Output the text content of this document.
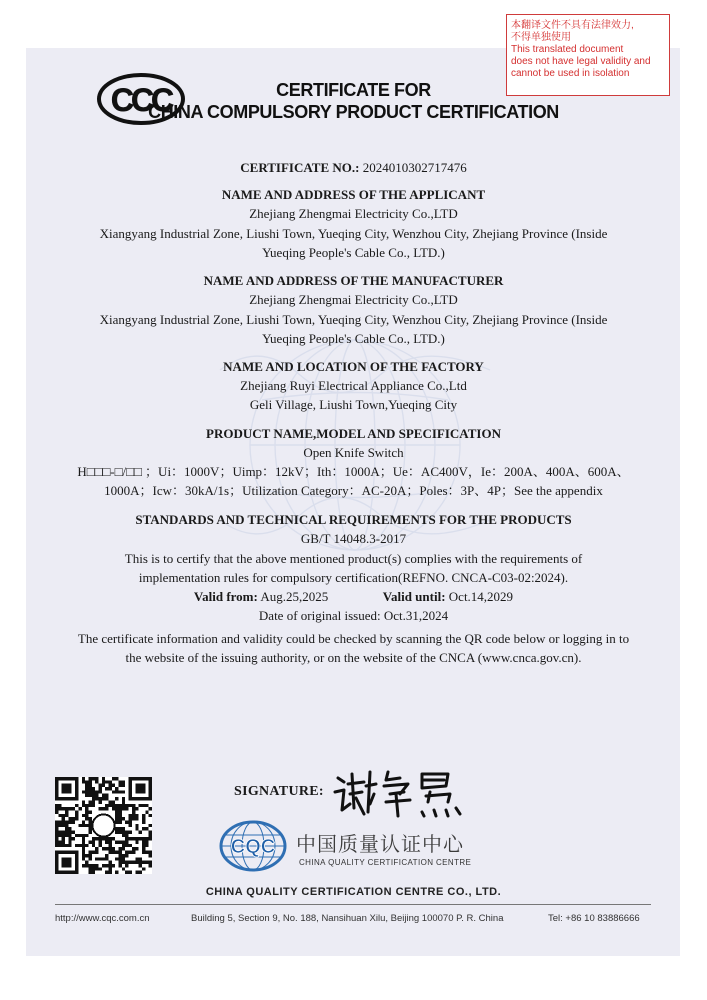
本翻译文件不具有法律效力,
不得单独使用
This translated document
does not have legal validity and
cannot be used in isolation
CCC	CERTIFICATE FOR
CHINA COMPULSORY PRODUCT CERTIFICATION
CERTIFICATE NO.: 2024010302717476
NAME AND ADDRESS OF THE APPLICANT
Zhejiang Zhengmai Electricity Co.,LTD
Xiangyang Industrial Zone, Liushi Town, Yueqing City, Wenzhou City, Zhejiang Province (Inside
Yueqing People's Cable Co., LTD.)
NAME AND ADDRESS OF THE MANUFACTURER
Zhejiang Zhengmai Electricity Co.,LTD
Xiangyang Industrial Zone, Liushi Town, Yueqing City, Wenzhou City, Zhejiang Province (Inside
Yueqing People's Cable Co., LTD.)
NAME AND LOCATION OF THE FACTORY
Zhejiang Ruyi Electrical Appliance Co.,Ltd
Geli Village, Liushi Town,Yueqing City
PRODUCT NAME,MODEL AND SPECIFICATION
Open Knife Switch
H□□□-□/□□ ；Ui：1000V；Uimp：12kV；Ith：1000A；Ue：AC400V，Ie：200A、400A、600A、
1000A；Icw：30kA/1s；Utilization Category：AC-20A；Poles：3P、4P；See the appendix
STANDARDS AND TECHNICAL REQUIREMENTS FOR THE PRODUCTS
GB/T 14048.3-2017
This is to certify that the above mentioned product(s) complies with the requirements of
implementation rules for compulsory certification(REFNO. CNCA-C03-02:2024).
Valid from: Aug.25,2025	Valid until: Oct.14,2029
Date of original issued: Oct.31,2024
The certificate information and validity could be checked by scanning the QR code below or logging in to
the website of the issuing authority, or on the website of the CNCA (www.cnca.gov.cn).
SIGNATURE:
CQC 中国质量认证中心
CHINA QUALITY CERTIFICATION CENTRE
CHINA QUALITY CERTIFICATION CENTRE CO., LTD.
http://www.cqc.com.cn	Building 5, Section 9, No. 188, Nansihuan Xilu, Beijing 100070 P. R. China	Tel: +86 10 83886666
